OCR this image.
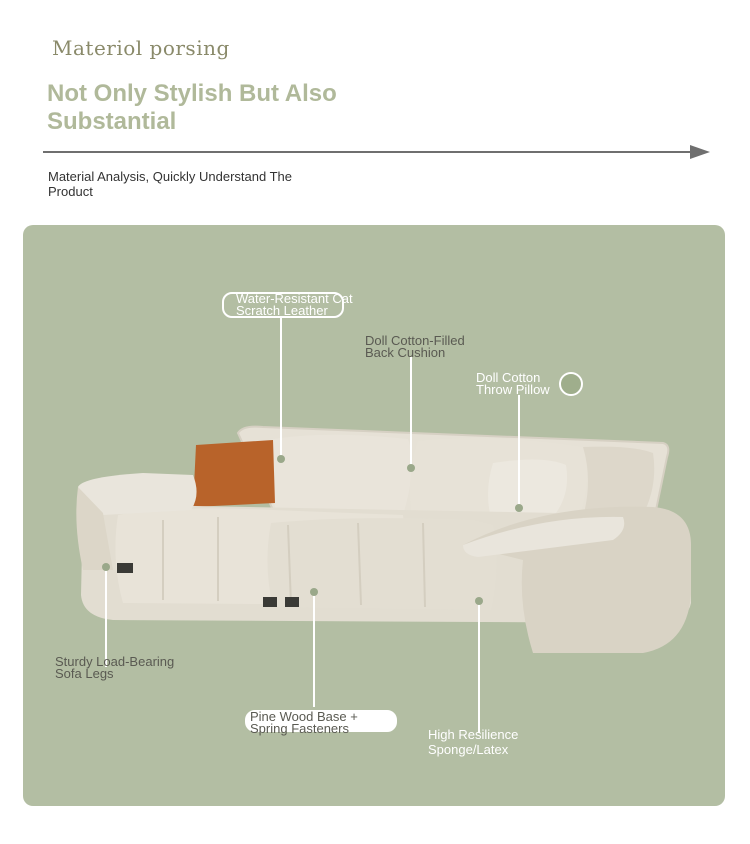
Materiol porsing
Not Only Stylish But Also Substantial
Material Analysis, Quickly Understand The Product
Water-Resistant Cat
Scratch Leather
Doll Cotton-Filled
Back Cushion
Doll Cotton
Throw Pillow
Sturdy Load-Bearing
Sofa Legs
Pine Wood Base +
Spring Fasteners	High Resilience
Sponge/Latex
